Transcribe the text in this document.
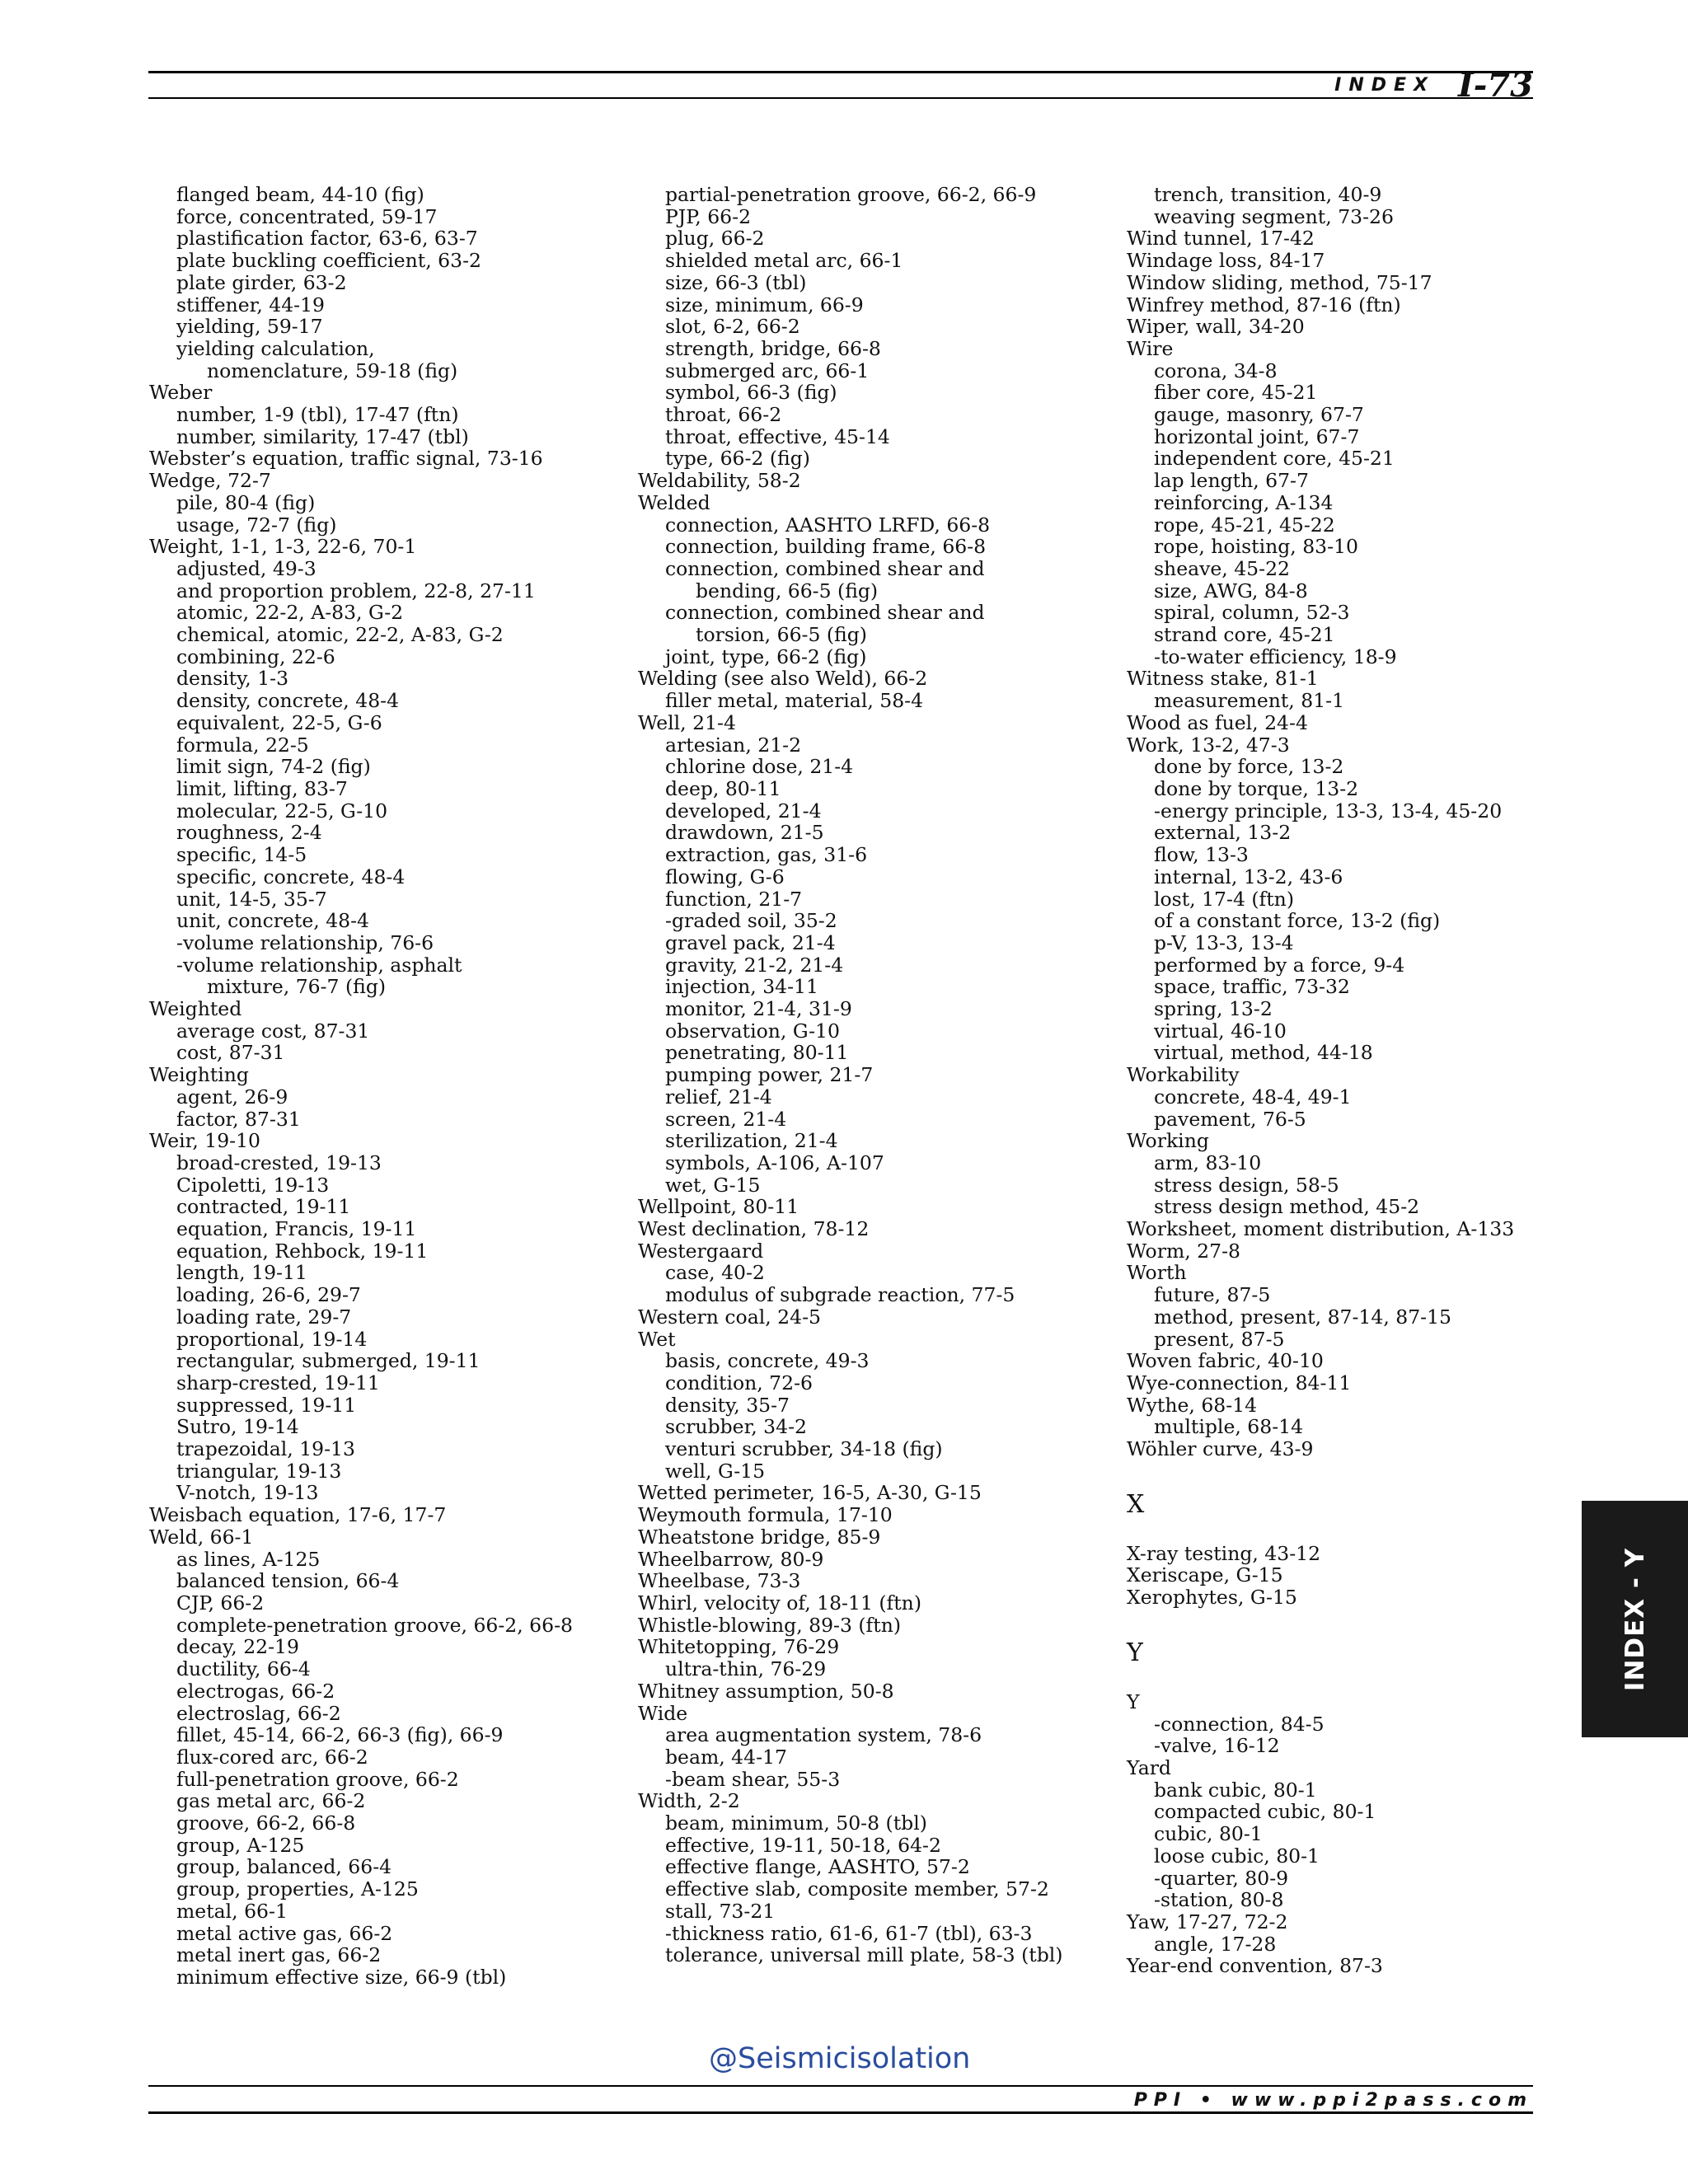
INDEX I-73
flanged beam, 44-10 (fig)
force, concentrated, 59-17
plastification factor, 63-6, 63-7
plate buckling coefficient, 63-2
plate girder, 63-2
stiffener, 44-19
yielding, 59-17
yielding calculation,
nomenclature, 59-18 (fig)
Weber
number, 1-9 (tbl), 17-47 (ftn)
number, similarity, 17-47 (tbl)
Webster’s equation, traffic signal, 73-16
Wedge, 72-7
pile, 80-4 (fig)
usage, 72-7 (fig)
Weight, 1-1, 1-3, 22-6, 70-1
adjusted, 49-3
and proportion problem, 22-8, 27-11
atomic, 22-2, A-83, G-2
chemical, atomic, 22-2, A-83, G-2
combining, 22-6
density, 1-3
density, concrete, 48-4
equivalent, 22-5, G-6
formula, 22-5
limit sign, 74-2 (fig)
limit, lifting, 83-7
molecular, 22-5, G-10
roughness, 2-4
specific, 14-5
specific, concrete, 48-4
unit, 14-5, 35-7
unit, concrete, 48-4
-volume relationship, 76-6
-volume relationship, asphalt
mixture, 76-7 (fig)
Weighted
average cost, 87-31
cost, 87-31
Weighting
agent, 26-9
factor, 87-31
Weir, 19-10
broad-crested, 19-13
Cipoletti, 19-13
contracted, 19-11
equation, Francis, 19-11
equation, Rehbock, 19-11
length, 19-11
loading, 26-6, 29-7
loading rate, 29-7
proportional, 19-14
rectangular, submerged, 19-11
sharp-crested, 19-11
suppressed, 19-11
Sutro, 19-14
trapezoidal, 19-13
triangular, 19-13
V-notch, 19-13
Weisbach equation, 17-6, 17-7
Weld, 66-1
as lines, A-125
balanced tension, 66-4
CJP, 66-2
complete-penetration groove, 66-2, 66-8
decay, 22-19
ductility, 66-4
electrogas, 66-2
electroslag, 66-2
fillet, 45-14, 66-2, 66-3 (fig), 66-9
flux-cored arc, 66-2
full-penetration groove, 66-2
gas metal arc, 66-2
groove, 66-2, 66-8
group, A-125
group, balanced, 66-4
group, properties, A-125
metal, 66-1
metal active gas, 66-2
metal inert gas, 66-2
minimum effective size, 66-9 (tbl)
partial-penetration groove, 66-2, 66-9
PJP, 66-2
plug, 66-2
shielded metal arc, 66-1
size, 66-3 (tbl)
size, minimum, 66-9
slot, 6-2, 66-2
strength, bridge, 66-8
submerged arc, 66-1
symbol, 66-3 (fig)
throat, 66-2
throat, effective, 45-14
type, 66-2 (fig)
Weldability, 58-2
Welded
connection, AASHTO LRFD, 66-8
connection, building frame, 66-8
connection, combined shear and
bending, 66-5 (fig)
connection, combined shear and
torsion, 66-5 (fig)
joint, type, 66-2 (fig)
Welding (see also Weld), 66-2
filler metal, material, 58-4
Well, 21-4
artesian, 21-2
chlorine dose, 21-4
deep, 80-11
developed, 21-4
drawdown, 21-5
extraction, gas, 31-6
flowing, G-6
function, 21-7
-graded soil, 35-2
gravel pack, 21-4
gravity, 21-2, 21-4
injection, 34-11
monitor, 21-4, 31-9
observation, G-10
penetrating, 80-11
pumping power, 21-7
relief, 21-4
screen, 21-4
sterilization, 21-4
symbols, A-106, A-107
wet, G-15
Wellpoint, 80-11
West declination, 78-12
Westergaard
case, 40-2
modulus of subgrade reaction, 77-5
Western coal, 24-5
Wet
basis, concrete, 49-3
condition, 72-6
density, 35-7
scrubber, 34-2
venturi scrubber, 34-18 (fig)
well, G-15
Wetted perimeter, 16-5, A-30, G-15
Weymouth formula, 17-10
Wheatstone bridge, 85-9
Wheelbarrow, 80-9
Wheelbase, 73-3
Whirl, velocity of, 18-11 (ftn)
Whistle-blowing, 89-3 (ftn)
Whitetopping, 76-29
ultra-thin, 76-29
Whitney assumption, 50-8
Wide
area augmentation system, 78-6
beam, 44-17
-beam shear, 55-3
Width, 2-2
beam, minimum, 50-8 (tbl)
effective, 19-11, 50-18, 64-2
effective flange, AASHTO, 57-2
effective slab, composite member, 57-2
stall, 73-21
-thickness ratio, 61-6, 61-7 (tbl), 63-3
tolerance, universal mill plate, 58-3 (tbl)
trench, transition, 40-9
weaving segment, 73-26
Wind tunnel, 17-42
Windage loss, 84-17
Window sliding, method, 75-17
Winfrey method, 87-16 (ftn)
Wiper, wall, 34-20
Wire
corona, 34-8
fiber core, 45-21
gauge, masonry, 67-7
horizontal joint, 67-7
independent core, 45-21
lap length, 67-7
reinforcing, A-134
rope, 45-21, 45-22
rope, hoisting, 83-10
sheave, 45-22
size, AWG, 84-8
spiral, column, 52-3
strand core, 45-21
-to-water efficiency, 18-9
Witness stake, 81-1
measurement, 81-1
Wood as fuel, 24-4
Work, 13-2, 47-3
done by force, 13-2
done by torque, 13-2
-energy principle, 13-3, 13-4, 45-20
external, 13-2
flow, 13-3
internal, 13-2, 43-6
lost, 17-4 (ftn)
of a constant force, 13-2 (fig)
p-V, 13-3, 13-4
performed by a force, 9-4
space, traffic, 73-32
spring, 13-2
virtual, 46-10
virtual, method, 44-18
Workability
concrete, 48-4, 49-1
pavement, 76-5
Working
arm, 83-10
stress design, 58-5
stress design method, 45-2
Worksheet, moment distribution, A-133
Worm, 27-8
Worth
future, 87-5
method, present, 87-14, 87-15
present, 87-5
Woven fabric, 40-10
Wye-connection, 84-11
Wythe, 68-14
multiple, 68-14
Wöhler curve, 43-9
X
X-ray testing, 43-12
Xeriscape, G-15
Xerophytes, G-15
Y
Y
-connection, 84-5
-valve, 16-12
Yard
bank cubic, 80-1
compacted cubic, 80-1
cubic, 80-1
loose cubic, 80-1
-quarter, 80-9
-station, 80-8
Yaw, 17-27, 72-2
angle, 17-28
Year-end convention, 87-3
INDEX - Y
@Seismicisolation
PPI • www.ppi2pass.com
